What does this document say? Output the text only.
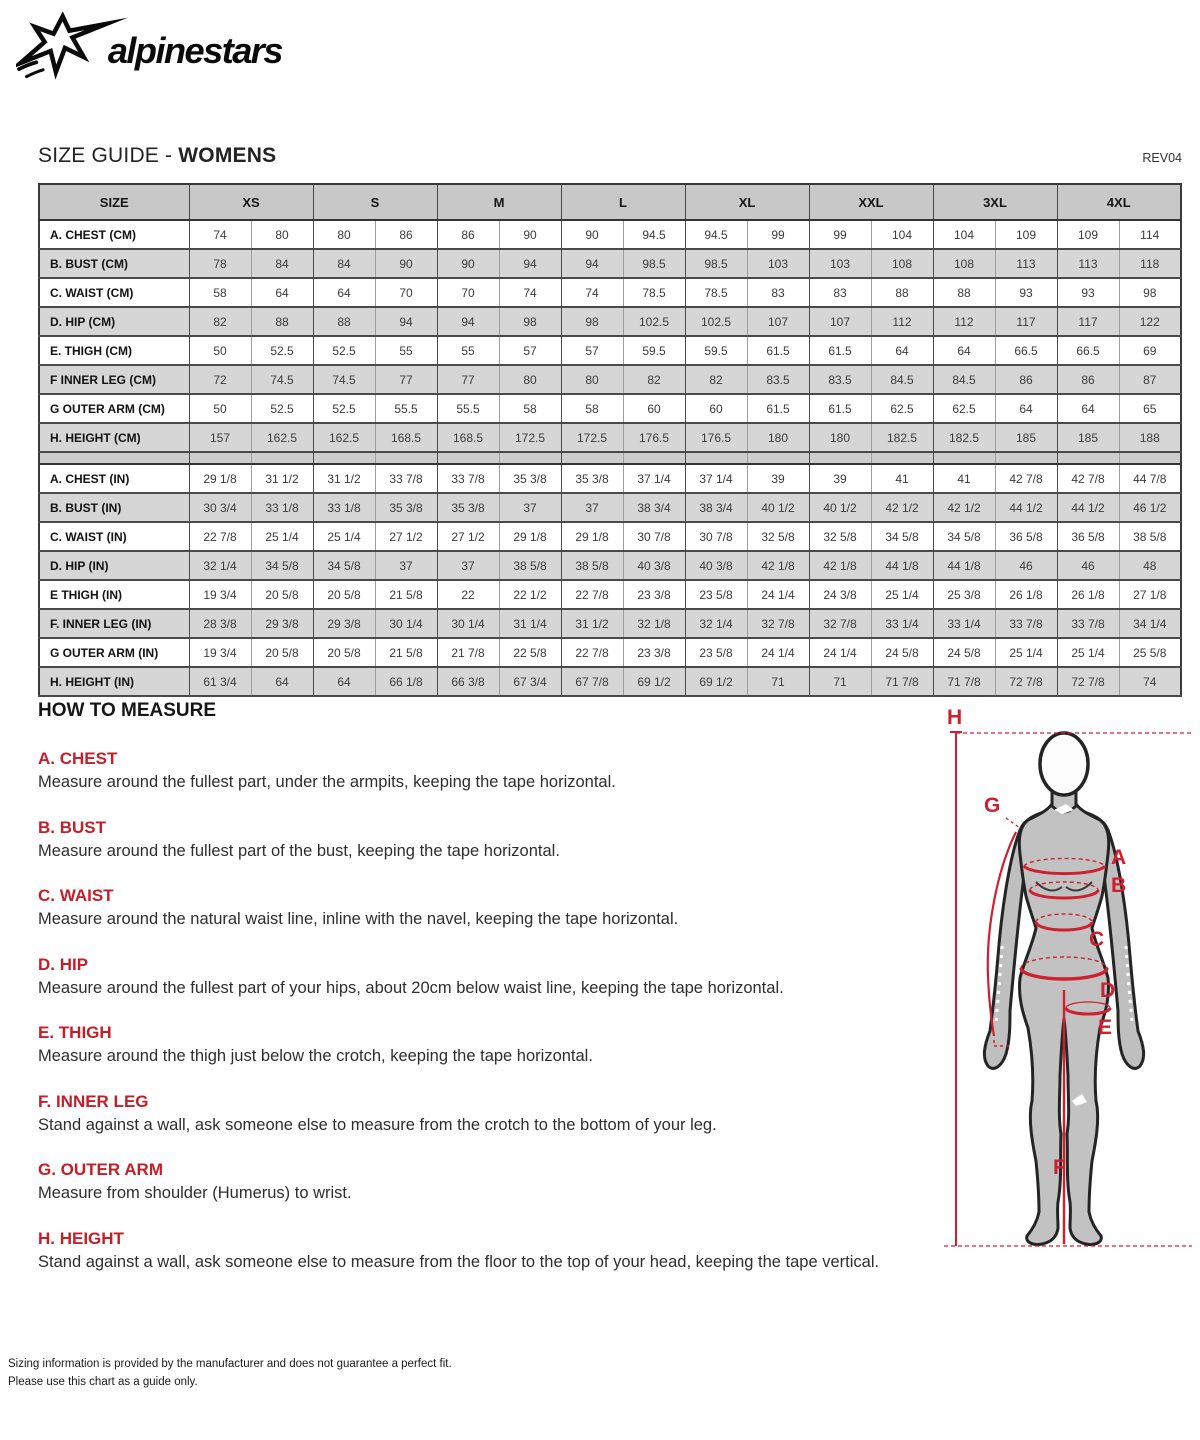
alpinestars
SIZE GUIDE - WOMENS	REV04
SIZE	XS		S		M		L		XL		XXL		3XL		4XL	
A. CHEST (CM)	74	80	80	86	86	90	90	94.5	94.5	99	99	104	104	109	109	114
B. BUST (CM)	78	84	84	90	90	94	94	98.5	98.5	103	103	108	108	113	113	118
C. WAIST (CM)	58	64	64	70	70	74	74	78.5	78.5	83	83	88	88	93	93	98
D. HIP (CM)	82	88	88	94	94	98	98	102.5	102.5	107	107	112	112	117	117	122
E. THIGH (CM)	50	52.5	52.5	55	55	57	57	59.5	59.5	61.5	61.5	64	64	66.5	66.5	69
F INNER LEG (CM)	72	74.5	74.5	77	77	80	80	82	82	83.5	83.5	84.5	84.5	86	86	87
G OUTER ARM (CM)	50	52.5	52.5	55.5	55.5	58	58	60	60	61.5	61.5	62.5	62.5	64	64	65
H. HEIGHT (CM)	157	162.5	162.5	168.5	168.5	172.5	172.5	176.5	176.5	180	180	182.5	182.5	185	185	188

A. CHEST (IN)	29 1/8	31 1/2	31 1/2	33 7/8	33 7/8	35 3/8	35 3/8	37 1/4	37 1/4	39	39	41	41	42 7/8	42 7/8	44 7/8
B. BUST (IN)	30 3/4	33 1/8	33 1/8	35 3/8	35 3/8	37	37	38 3/4	38 3/4	40 1/2	40 1/2	42 1/2	42 1/2	44 1/2	44 1/2	46 1/2
C. WAIST (IN)	22 7/8	25 1/4	25 1/4	27 1/2	27 1/2	29 1/8	29 1/8	30 7/8	30 7/8	32 5/8	32 5/8	34 5/8	34 5/8	36 5/8	36 5/8	38 5/8
D. HIP (IN)	32 1/4	34 5/8	34 5/8	37	37	38 5/8	38 5/8	40 3/8	40 3/8	42 1/8	42 1/8	44 1/8	44 1/8	46	46	48
E THIGH (IN)	19 3/4	20 5/8	20 5/8	21 5/8	22	22 1/2	22 7/8	23 3/8	23 5/8	24 1/4	24 3/8	25 1/4	25 3/8	26 1/8	26 1/8	27 1/8
F. INNER LEG (IN)	28 3/8	29 3/8	29 3/8	30 1/4	30 1/4	31 1/4	31 1/2	32 1/8	32 1/4	32 7/8	32 7/8	33 1/4	33 1/4	33 7/8	33 7/8	34 1/4
G OUTER ARM (IN)	19 3/4	20 5/8	20 5/8	21 5/8	21 7/8	22 5/8	22 7/8	23 3/8	23 5/8	24 1/4	24 1/4	24 5/8	24 5/8	25 1/4	25 1/4	25 5/8
H. HEIGHT (IN)	61 3/4	64	64	66 1/8	66 3/8	67 3/4	67 7/8	69 1/2	69 1/2	71	71	71 7/8	71 7/8	72 7/8	72 7/8	74
HOW TO MEASURE
A. CHEST
Measure around the fullest part, under the armpits, keeping the tape horizontal.
B. BUST
Measure around the fullest part of the bust, keeping the tape horizontal.
C. WAIST
Measure around the natural waist line, inline with the navel, keeping the tape horizontal.
D. HIP
Measure around the fullest part of your hips, about 20cm below waist line, keeping the tape horizontal.
E. THIGH
Measure around the thigh just below the crotch, keeping the tape horizontal.
F. INNER LEG
Stand against a wall, ask someone else to measure from the crotch to the bottom of your leg.
G. OUTER ARM
Measure from shoulder (Humerus) to wrist.
H. HEIGHT
Stand against a wall, ask someone else to measure from the floor to the top of your head, keeping the tape vertical.
H
G
A
B
C
D
E
F
Sizing information is provided by the manufacturer and does not guarantee a perfect fit.
Please use this chart as a guide only.
